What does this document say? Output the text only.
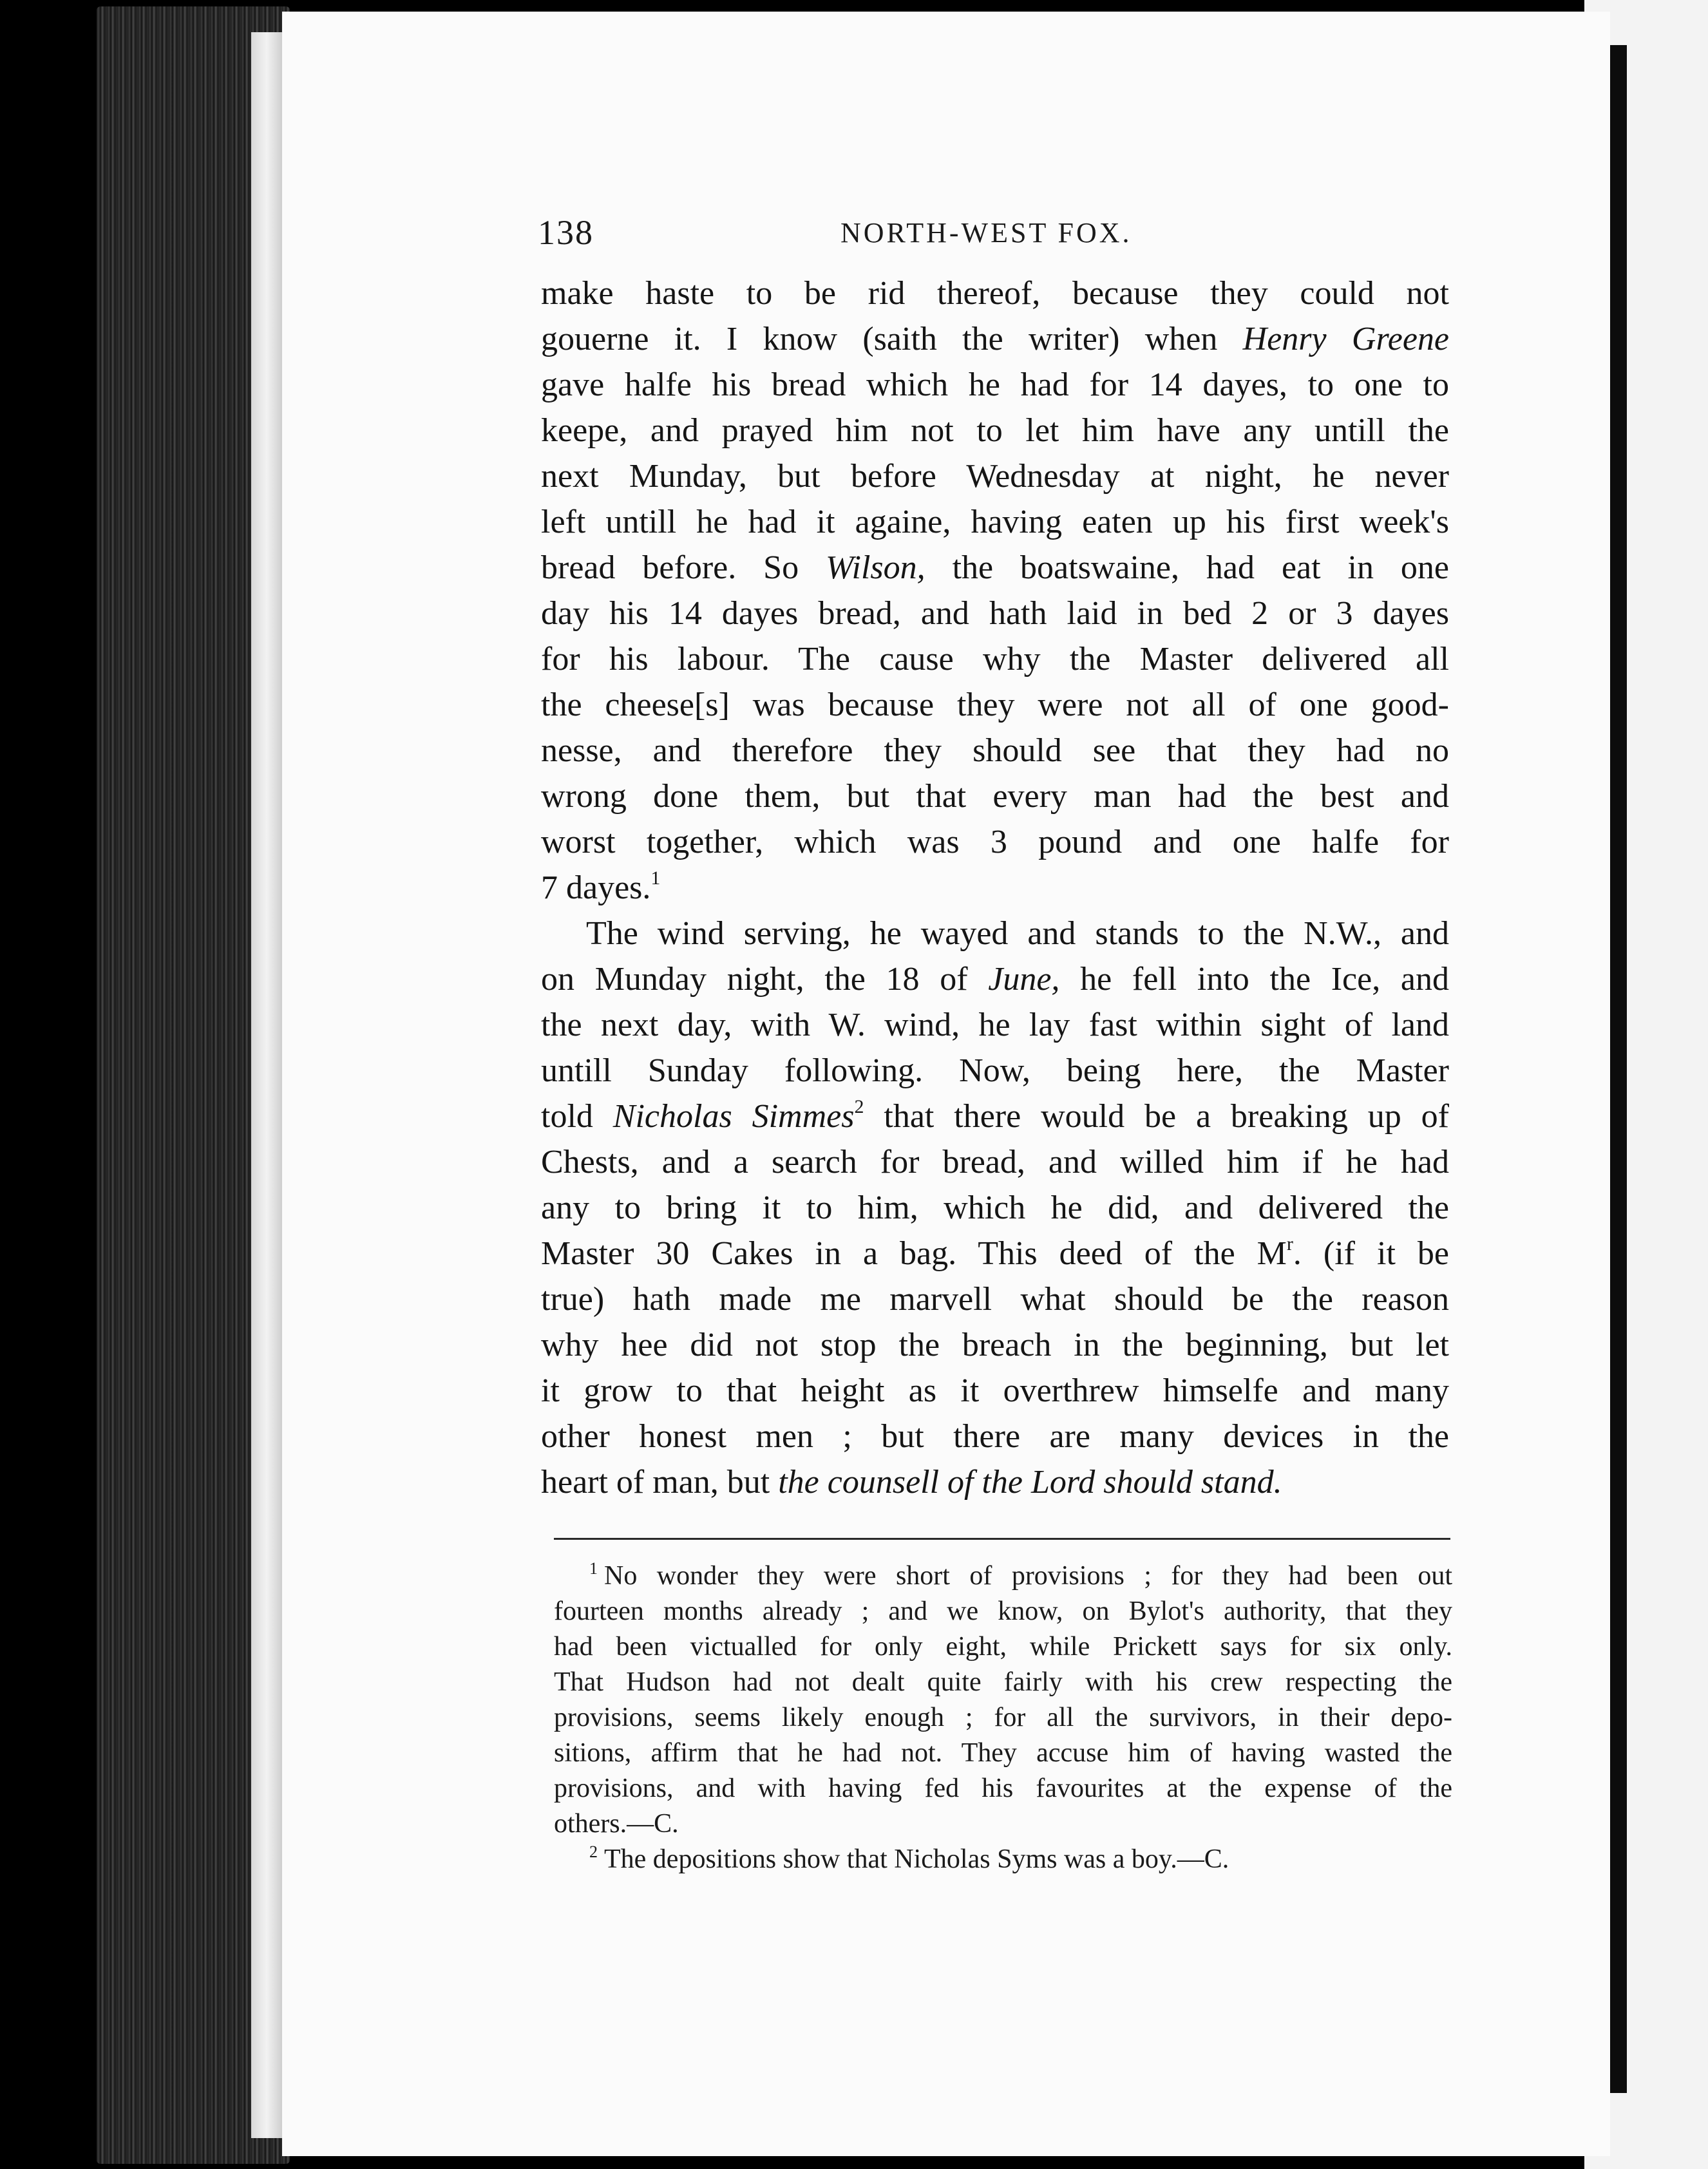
138	NORTH-WEST FOX.
make haste to be rid thereof, because they could not
gouerne it. I know (saith the writer) when Henry Greene
gave halfe his bread which he had for 14 dayes, to one to
keepe, and prayed him not to let him have any untill the
next Munday, but before Wednesday at night, he never
left untill he had it againe, having eaten up his first week's
bread before. So Wilson, the boatswaine, had eat in one
day his 14 dayes bread, and hath laid in bed 2 or 3 dayes
for his labour. The cause why the Master delivered all
the cheese[s] was because they were not all of one good-
nesse, and therefore they should see that they had no
wrong done them, but that every man had the best and
worst together, which was 3 pound and one halfe for
7 dayes.$^1$
The wind serving, he wayed and stands to the N.W., and
on Munday night, the 18 of June, he fell into the Ice, and
the next day, with W. wind, he lay fast within sight of land
untill Sunday following. Now, being here, the Master
told Nicholas Simmes$^2$ that there would be a breaking up of
Chests, and a search for bread, and willed him if he had
any to bring it to him, which he did, and delivered the
Master 30 Cakes in a bag. This deed of the M$^r$. (if it be
true) hath made me marvell what should be the reason
why hee did not stop the breach in the beginning, but let
it grow to that height as it overthrew himselfe and many
other honest men ; but there are many devices in the
heart of man, but the counsell of the Lord should stand.
$^1$ No wonder they were short of provisions ; for they had been out
fourteen months already ; and we know, on Bylot's authority, that they
had been victualled for only eight, while Prickett says for six only.
That Hudson had not dealt quite fairly with his crew respecting the
provisions, seems likely enough ; for all the survivors, in their depo-
sitions, affirm that he had not. They accuse him of having wasted the
provisions, and with having fed his favourites at the expense of the
others.—C.
$^2$ The depositions show that Nicholas Syms was a boy.—C.
